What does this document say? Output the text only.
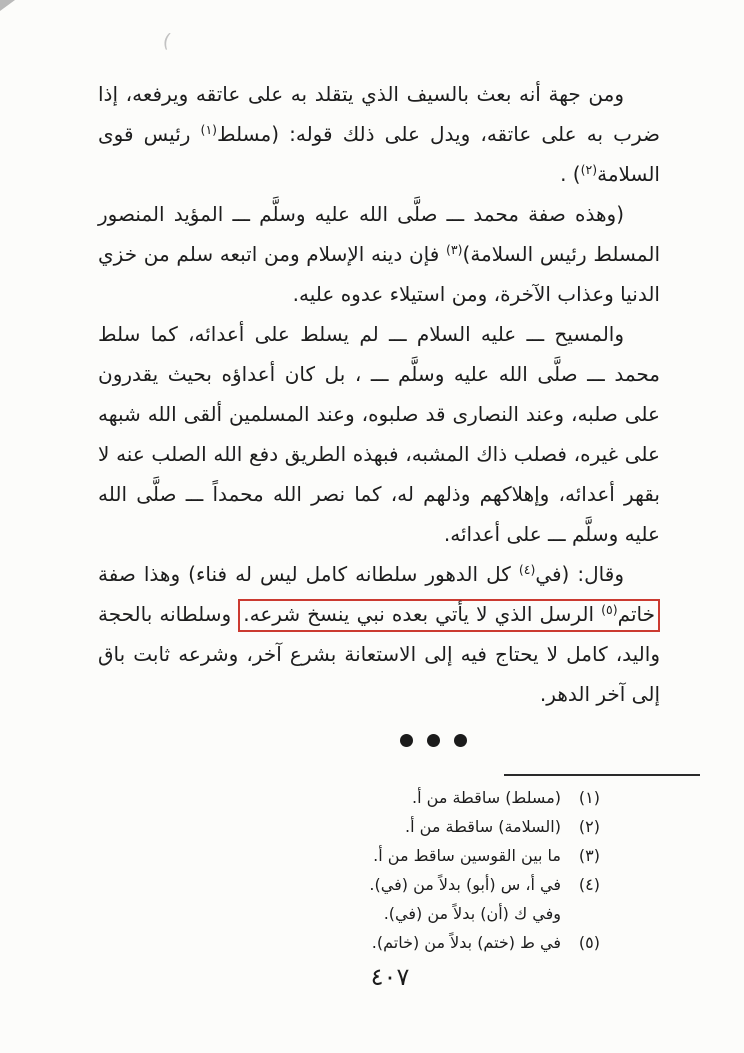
(

ومن جهة أنه بعث بالسيف الذي يتقلد به على عاتقه ويرفعه، إذا ضرب به على عاتقه، ويدل على ذلك قوله: (مسلط$^{(١)}$ رئيس قوى السلامة$^{(٢)}$) .

(وهذه صفة محمد ـــ صلَّى الله عليه وسلَّم ـــ المؤيد المنصور المسلط رئيس السلامة)$^{(٣)}$ فإن دينه الإسلام ومن اتبعه سلم من خزي الدنيا وعذاب الآخرة، ومن استيلاء عدوه عليه.

والمسيح ـــ عليه السلام ـــ لم يسلط على أعدائه، كما سلط محمد ـــ صلَّى الله عليه وسلَّم ـــ ، بل كان أعداؤه بحيث يقدرون على صلبه، وعند النصارى قد صلبوه، وعند المسلمين ألقى الله شبهه على غيره، فصلب ذاك المشبه، فبهذه الطريق دفع الله الصلب عنه لا بقهر أعدائه، وإهلاكهم وذلهم له، كما نصر الله محمداً ـــ صلَّى الله عليه وسلَّم ـــ على أعدائه.

وقال: (في$^{(٤)}$ كل الدهور سلطانه كامل ليس له فناء) وهذا صفة خاتم$^{(٥)}$ الرسل الذي لا يأتي بعده نبي ينسخ شرعه. وسلطانه بالحجة واليد، كامل لا يحتاج فيه إلى الاستعانة بشرع آخر، وشرعه ثابت باق إلى آخر الدهر.

(١)
(مسلط) ساقطة من أ.
(٢)
(السلامة) ساقطة من أ.
(٣)
ما بين القوسين ساقط من أ.
(٤)
في أ، س (أبو) بدلاً من (في).
وفي ك (أن) بدلاً من (في).
(٥)
في ط (ختم) بدلاً من (خاتم).
٤٠٧
